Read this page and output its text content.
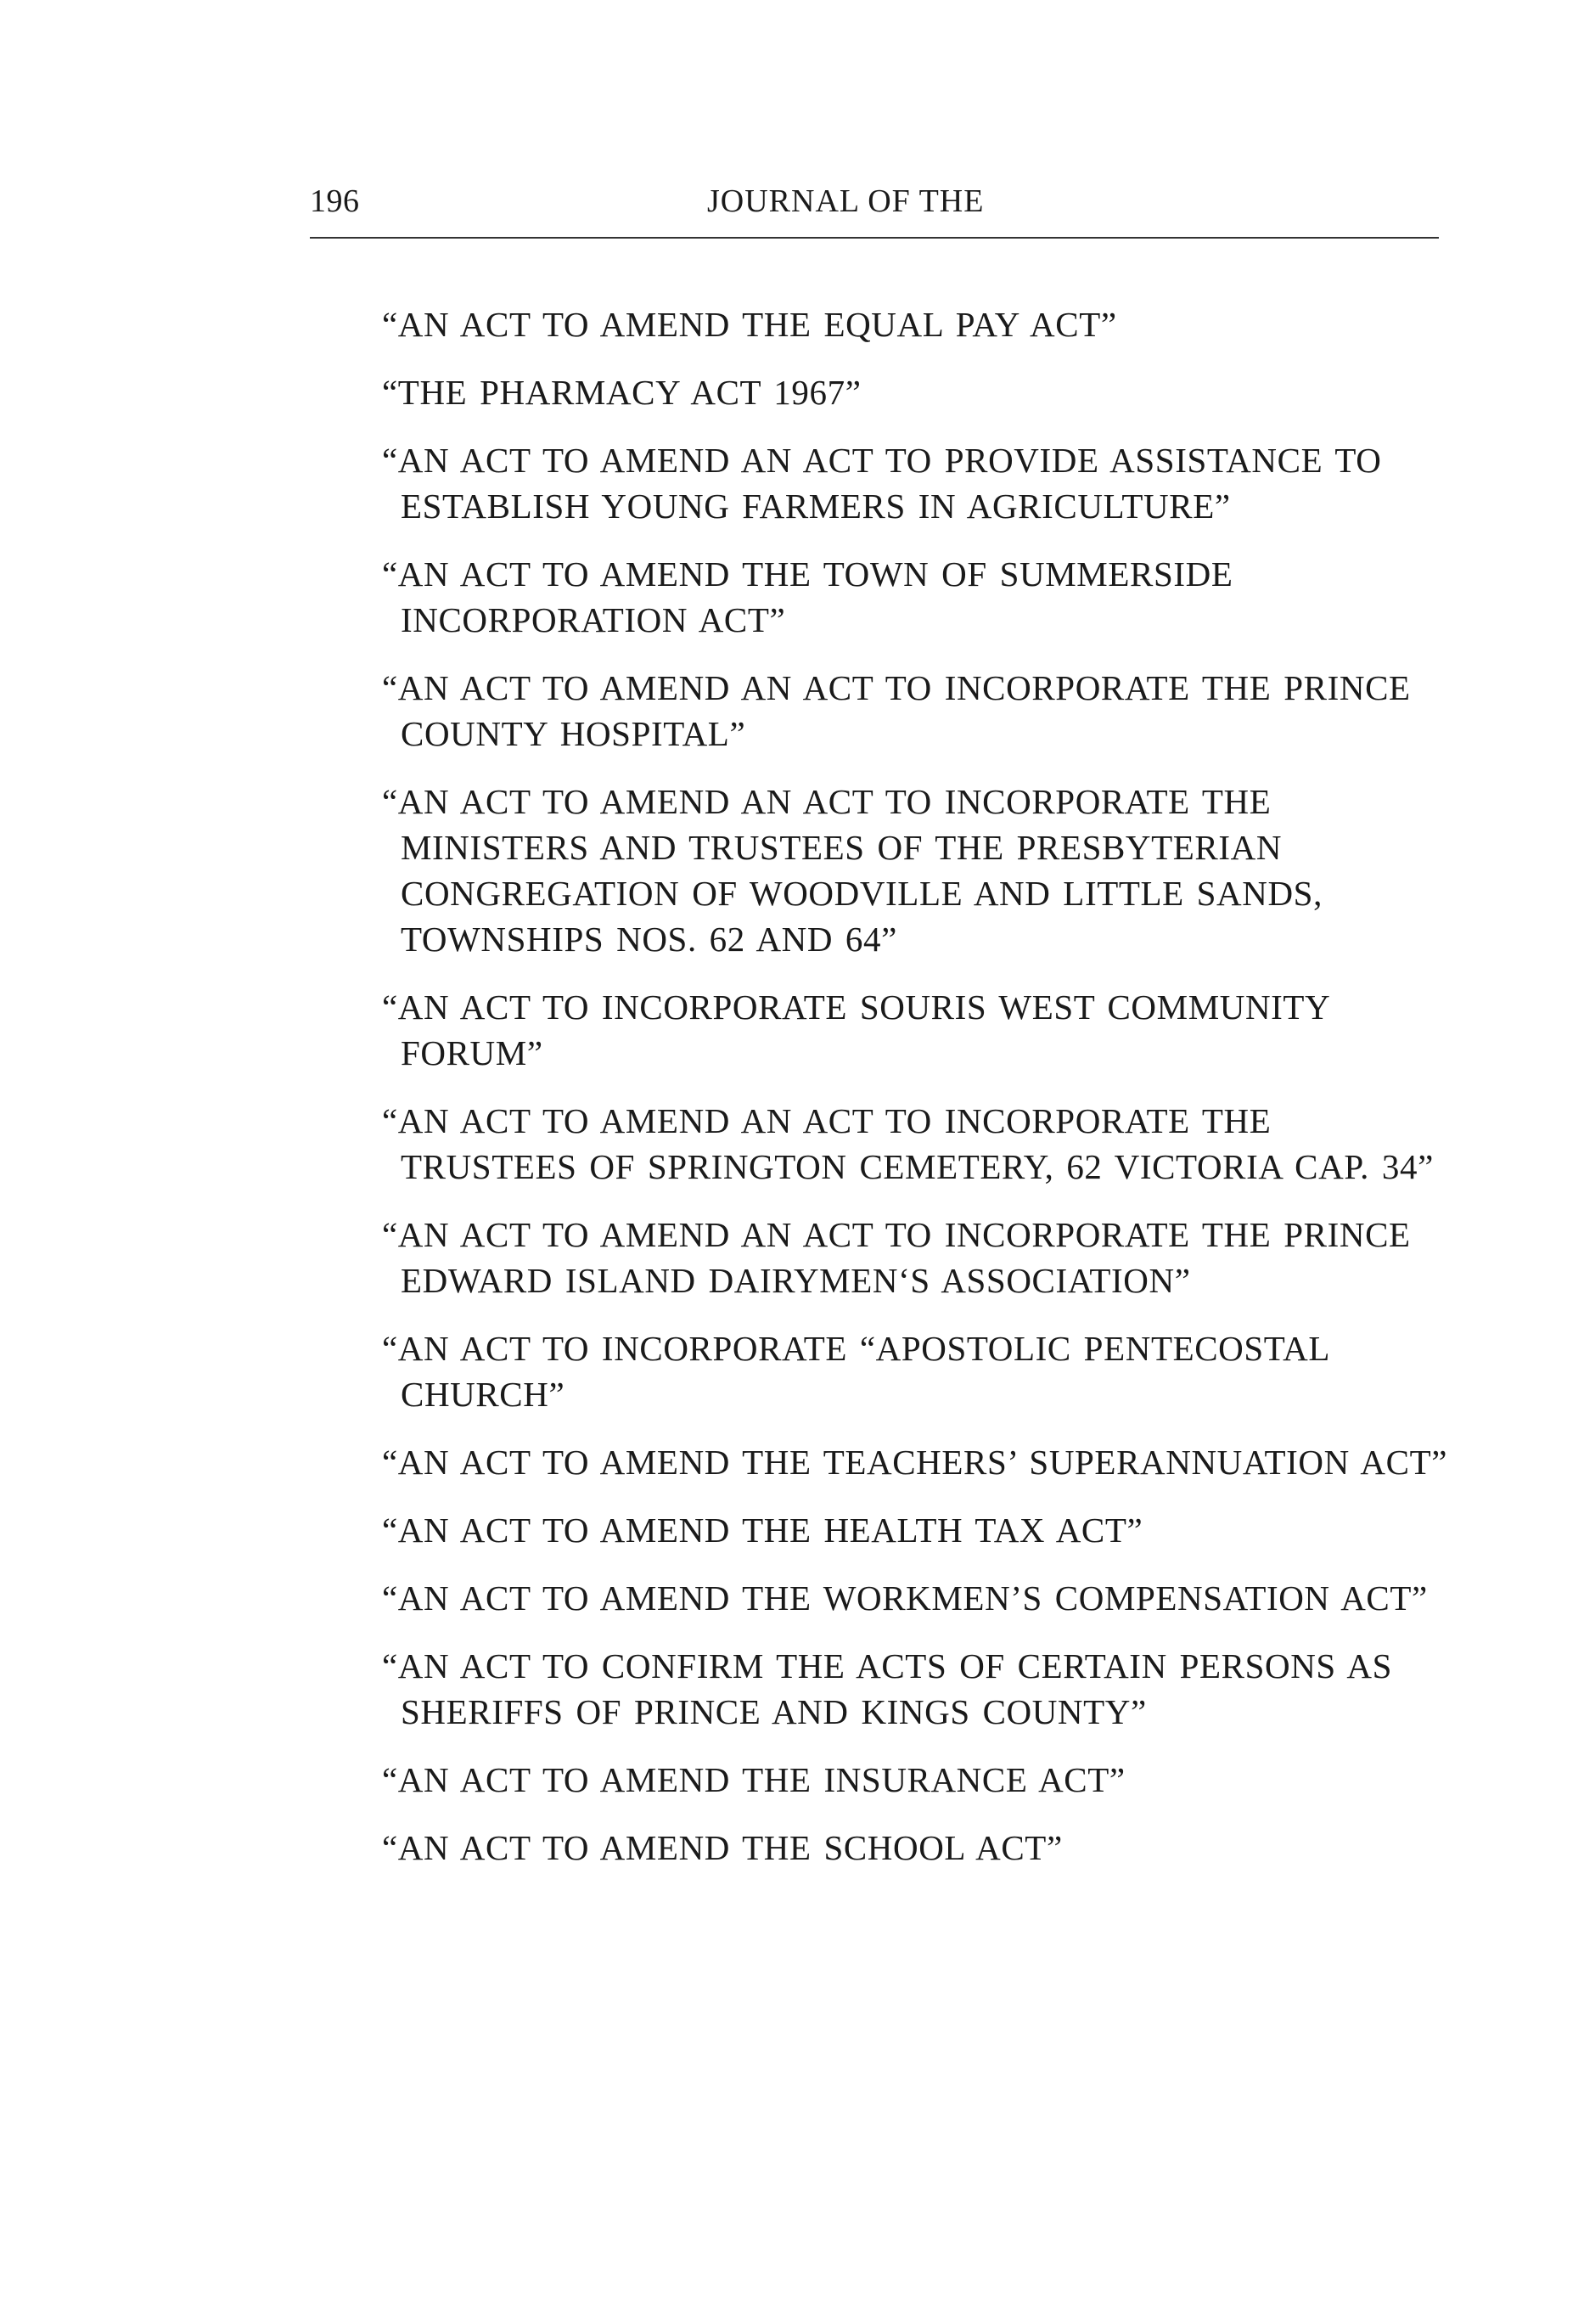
196	JOURNAL OF THE
“AN ACT TO AMEND THE EQUAL PAY ACT”
“THE PHARMACY ACT 1967”
“AN ACT TO AMEND AN ACT TO PROVIDE ASSISTANCE TO ESTABLISH YOUNG FARMERS IN AGRICULTURE”
“AN ACT TO AMEND THE TOWN OF SUMMERSIDE INCORPORATION ACT”
“AN ACT TO AMEND AN ACT TO INCORPORATE THE PRINCE COUNTY HOSPITAL”
“AN ACT TO AMEND AN ACT TO INCORPORATE THE MINISTERS AND TRUSTEES OF THE PRESBYTERIAN CONGREGATION OF WOODVILLE AND LITTLE SANDS, TOWNSHIPS NOS. 62 AND 64”
“AN ACT TO INCORPORATE SOURIS WEST COMMUNITY FORUM”
“AN ACT TO AMEND AN ACT TO INCORPORATE THE TRUSTEES OF SPRINGTON CEMETERY, 62 VICTORIA CAP. 34”
“AN ACT TO AMEND AN ACT TO INCORPORATE THE PRINCE EDWARD ISLAND DAIRYMEN‘S ASSOCIATION”
“AN ACT TO INCORPORATE “APOSTOLIC PENTECOSTAL CHURCH”
“AN ACT TO AMEND THE TEACHERS’ SUPERANNUATION ACT”
“AN ACT TO AMEND THE HEALTH TAX ACT”
“AN ACT TO AMEND THE WORKMEN’S COMPENSATION ACT”
“AN ACT TO CONFIRM THE ACTS OF CERTAIN PERSONS AS SHERIFFS OF PRINCE AND KINGS COUNTY”
“AN ACT TO AMEND THE INSURANCE ACT”
“AN ACT TO AMEND THE SCHOOL ACT”
